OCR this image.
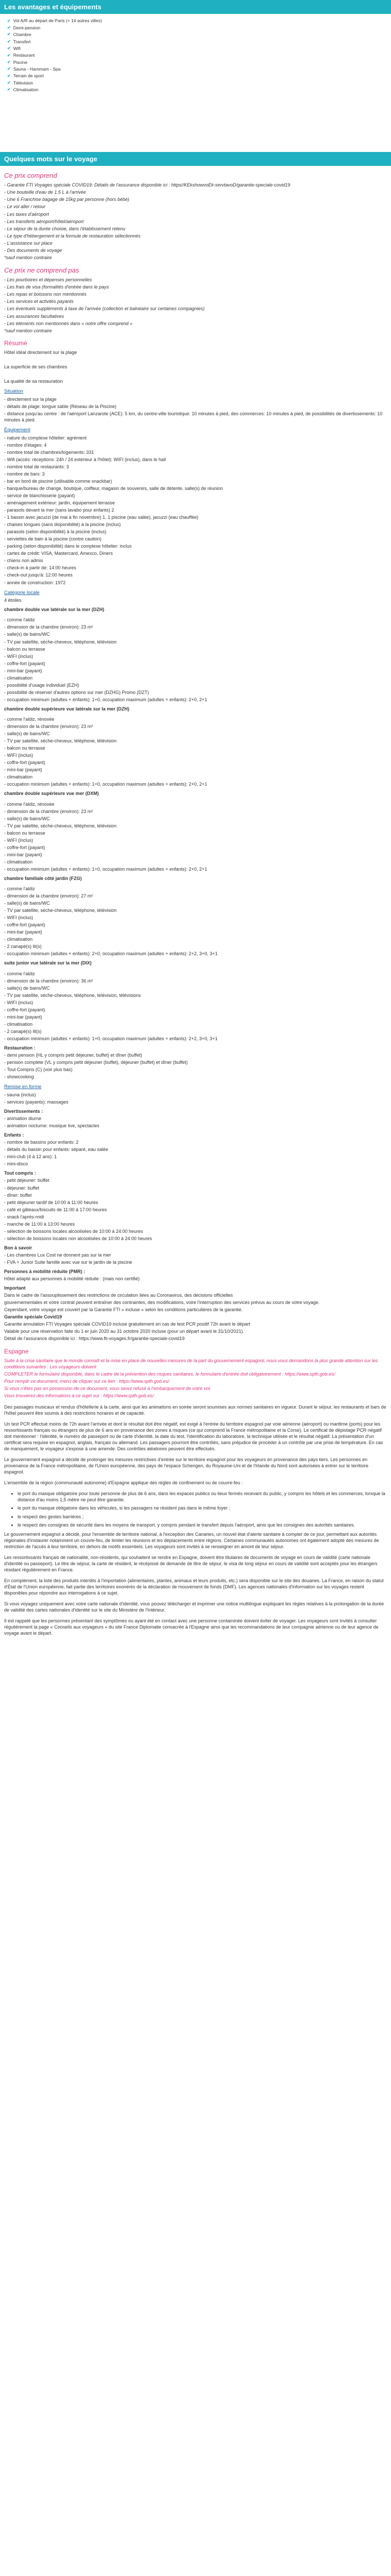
Les avantages et équipements
✔ Vol A/R au départ de Paris (+ 14 autres villes)
✔ Demi-pension
✔ Chambre
✔ Transfert
✔ Wifi
✔ Restaurant
✔ Piscine
✔ Sauna - Hammam - Spa
✔ Terrain de sport
✔ Télévision
✔ Climatisation
Quelques mots sur le voyage
Ce prix comprend
- Garantie FTI Voyages spéciale COVID19: Détails de l'assurance disponible ici : https//KEkshowvoEk-servtavoD/garantie-speciale-covid19
- Une bouteille d'eau de 1.5 L à l'arrivée
- Une 6 Franchise bagage de 15kg par personne (hors bébé)
- Le vol aller / retour
- Les taxes d'aéroport
- Les transferts aéroport/hôtel/aéroport
- Le séjour de la durée choisie, dans l'établissement retenu
- Le type d'hébergement et la formule de restauration sélectionnés
- L'assistance sur place
- Des documents de voyage
*sauf mention contraire
Ce prix ne comprend pas
- Les pourboires et dépenses personnelles
- Les frais de visa (formalités d'entrée dans le pays
- Les repas et boissons non mentionnés
- Les services et activités payants
- Les éventuels suppléments à taxe de l'arrivée (collection et balnéaire sur certaines compagnies)
- Les assurances facultatives
- Les éléments non mentionnés dans « notre offre comprend »
*sauf mention contraire
Résumé
Hôtel idéal directement sur la plage

La superficie de ses chambres

La qualité de sa restauration
Situation
- directement sur la plage
- détails de plage: longue sable (Réseau de la Piscine)
- distance jusqu'au centre : de l'aéroport Lanzarote (ACE): 5 km, du centre-ville touristique: 10 minutes à pied, des commerces: 10 minutes à pied, de possibilités de divertissements: 10 minutes à pied.
Équipement
- nature du complexe hôtelier: agrément
- nombre d'étages: 4
- nombre total de chambres/logements: 331
- Wifi (accès: réceptions: 24h / 24 extérieur à l'hôtel): WIFI (inclus), dans le hall
- nombre total de restaurants: 3
- nombre de bars: 3
- bar en bord de piscine (utilisable comme snackbar)
- banque/bureau de change, boutique, coiffeur, magasin de souvenirs, salle de détente, salle(s) de réunion
- service de blanchisserie (payant)
- aménagement extérieur: jardin, équipement terrasse
- parasols devant la mer (sans lavabo pour enfants) 2
- 1 bassin avec jacuzzi (de mai à fin novembre) 1, 1 piscine (eau salée), jacuzzi (eau chauffée)
- chaises longues (sans disponibilité) à la piscine (inclus)
- parasols (selon disponibilité) à la piscine (inclus)
- serviettes de bain à la piscine (contre caution)
- parking (selon disponibilité) dans le complexe hôtelier: inclus
- cartes de crédit: VISA, Mastercard, Amexco, Diners
- chiens non admis
- check-in à partir de: 14:00 heures
- check-out jusqu'à: 12:00 heures
- année de construction: 1972
Catégorie locale

4 étoiles

chambre double vue latérale sur la mer (DZH)
- comme l'aldiz
- dimension de la chambre (environ): 23 m²
- salle(s) de bains/WC
- TV par satellite, sèche-cheveux, téléphone, télévision
- balcon ou terrasse
- WIFI (inclus)
- coffre-fort (payant)
- mini-bar (payant)
- climatisation
- possibilité d'usage individuel (EZH)
- possibilité de réserver d'autres options sur mer (DZHG) Promo (DZT)
- occupation minimum (adultes + enfants): 1+0, occupation maximum (adultes + enfants): 2+0, 2+1
chambre double supérieure vue latérale sur la mer (DZH)
- comme l'aldiz, rénovée
- dimension de la chambre (environ): 23 m²
- salle(s) de bains/WC
- TV par satellite, sèche-cheveux, téléphone, télévision
- balcon ou terrasse
- WIFI (inclus)
- coffre-fort (payant)
- mini-bar (payant)
- climatisation
- occupation minimum (adultes + enfants): 1+0, occupation maximum (adultes + enfants): 2+0, 2+1
chambre double supérieure vue mer (DXM)
- comme l'aldiz, rénovée
- dimension de la chambre (environ): 23 m²
- salle(s) de bains/WC
- TV par satellite, sèche-cheveux, téléphone, télévision
- balcon ou terrasse
- WIFI (inclus)
- coffre-fort (payant)
- mini-bar (payant)
- climatisation
- occupation minimum (adultes + enfants): 1+0, occupation maximum (adultes + enfants): 2+0, 2+1
chambre familiale côté jardin (FZG)
- comme l'aldiz
- dimension de la chambre (environ): 27 m²
- salle(s) de bains/WC
- TV par satellite, sèche-cheveux, téléphone, télévision
- WIFI (inclus)
- coffre-fort (payant)
- mini-bar (payant)
- climatisation
- 2 canapé(s) lit(s)
- occupation minimum (adultes + enfants): 2+0, occupation maximum (adultes + enfants): 2+2, 3+0, 3+1
suite junior vue latérale sur la mer (DIX)
- comme l'aldiz
- dimension de la chambre (environ): 36 m²
- salle(s) de bains/WC
- TV par satellite, sèche-cheveux, téléphone, télévision, télévisions
- WIFI (inclus)
- coffre-fort (payant)
- mini-bar (payant)
- climatisation
- 2 canapé(s) lit(s)
- occupation minimum (adultes + enfants): 1+0, occupation maximum (adultes + enfants): 2+2, 3+0, 3+1
Restauration :
- demi pension (HL y compris petit déjeuner, buffet) et dîner (buffet)
- pension complète (VL y compris petit déjeuner (buffet), déjeuner (buffet) et dîner (buffet)
- Tout Compris (C) (voir plus bas)
- showcooking
Remise en forme
- sauna (inclus)
- services (payants): massages
Divertissements :
- animation diurne
- animation nocturne: musique live, spectacles
Enfants :
- nombre de bassins pour enfants: 2
- détails du bassin pour enfants: séparé, eau salée
- mini-club (4 à 12 ans): 1
- mini-disco
Tout compris :
- petit déjeuner: buffet
- déjeuner: buffet
- dîner: buffet
- petit déjeuner tardif de 10:00 à 11:00 heures
- café et gâteaux/biscuits de 11:00 à 17:00 heures
- snack l'après-midi
- manche de 11:00 à 13:00 heures
- sélection de boissons locales alcoolisées de 10:00 à 24:00 heures
- sélection de boissons locales non alcoolisées de 10:00 à 24:00 heures
Bon à savoir
- Les chambres Lux Cost ne donnent pas sur la mer
- FVA + Junior Suite famille avec vue sur le jardin de la piscine
Personnes à mobilité réduite (PMR) :

Hôtel adapté aux personnes à mobilité réduite : (mais non certifié)

Important
Dans le cadre de l'assouplissement des restrictions de circulation liées au Coronavirus, des décisions officielles
gouvernementales et votre contrat peuvent entraîner des contraintes, des modifications, voire l'interruption des services prévus au cours de votre voyage.
Cependant, votre voyage est couvert par la Garantie FTI « incluse » selon les conditions particulières de la garantie.
Garantie spéciale Covid19
Garantie annulation FTI Voyages spéciale COVID19 incluse gratuitement en cas de test PCR positif 72h avant le départ
Valable pour une réservation faite du 1 er juin 2020 au 31 octobre 2020 incluse (pour un départ avant le 31/10/2021).
Détail de l'assurance disponible ici : https://www.fti-voyages.fr/garantie-speciale-covid19
Espagne
Suite à la crise sanitaire que le monde connaît et la mise en place de nouvelles mesures de la part du gouvernement espagnol, nous vous demandons la plus grande attention sur les conditions suivantes : Les voyageurs doivent
COMPLETER le formulaire disponible, dans le cadre de la prévention des risques sanitaires, le formulaire d'entrée doit obligatoirement : https://www.spth.gob.es/
Pour remplir ce document, merci de cliquer sur ce lien : https://www.spth.gob.es/
Si vous n'êtes pas en possession de ce document, vous serez refusé à l'embarquement de votre vol.
Vous trouverez des informations à ce sujet sur : https://www.spth.gob.es/
Des passages musicaux et rendus d'hôtellerie à la carte, ainsi que les animations en soirée seront soumises aux normes sanitaires en vigueur. Durant le séjour, les restaurants et bars de l'hôtel peuvent être soumis à des restrictions horaires et de capacité.
Un test PCR effectué moins de 72h avant l'arrivée et dont le résultat doit être négatif, est exigé à l'entrée du territoire espagnol par voie aérienne (aéroport) ou maritime (ports) pour les ressortissants français ou étrangers de plus de 6 ans en provenance des zones à risques (ce qui comprend la France métropolitaine et la Corse). Le certificat de dépistage PCR négatif doit mentionner : l'identité, le numéro de passeport ou de carte d'identité, la date du test, l'identification du laboratoire, la technique utilisée et le résultat négatif. La présentation d'un certificat sera requise en espagnol, anglais, français ou allemand. Les passagers pourront être contrôlés, sans préjudice de procéder à un contrôle par une prise de température. En cas de manquement, le voyageur s'expose à une amende. Des contrôles aléatoires peuvent être effectués.
Le gouvernement espagnol a décidé de prolonger les mesures restrictives d'entrée sur le territoire espagnol pour les voyageurs en provenance des pays tiers. Les personnes en provenance de la France métropolitaine, de l'Union européenne, des pays de l'espace Schengen, du Royaume-Uni et de l'Irlande du Nord sont autorisées à entrer sur le territoire espagnol.
L'ensemble de la région (communauté autonome) d'Espagne applique des règles de confinement ou de couvre-feu :
• le port du masque obligatoire pour toute personne de plus de 6 ans, dans les espaces publics ou lieux fermés recevant du public, y compris les hôtels et les commerces, lorsque la distance d'au moins 1,5 mètre ne peut être garantie.
• le port du masque obligatoire dans les véhicules, si les passagers ne résident pas dans le même foyer ;
• le respect des gestes barrières ;
• le respect des consignes de sécurité dans les moyens de transport, y compris pendant le transfert depuis l'aéroport, ainsi que les consignes des autorités sanitaires.
Le gouvernement espagnol a décidé, pour l'ensemble de territoire national, à l'exception des Canaries, un nouvel état d'alerte sanitaire à compter de ce jour, permettant aux autorités régionales d'instaurer notamment un couvre-feu, de limiter les réunions et les déplacements entre régions. Certaines communautés autonomes ont également adopté des mesures de restriction de l'accès à leur territoire, en dehors de motifs essentiels. Les voyageurs sont invités à se renseigner en amont de leur séjour.
Les ressortissants français de nationalité, non-résidents, qui souhaitent se rendre en Espagne, doivent être titulaires de documents de voyage en cours de validité (carte nationale d'identité ou passeport). Le titre de séjour, la carte de résident, le récépissé de demande de titre de séjour, le visa de long séjour en cours de validité sont acceptés pour les étrangers résidant régulièrement en France.
En complément, la liste des produits interdits à l'importation (alimentaires, plantes, animaux et leurs produits, etc.) sera disponible sur le site des douanes. La France, en raison du statut d'État de l'Union européenne, fait partie des territoires exonérés de la déclaration de mouvement de fonds (DMF). Les agences nationales d'information sur les voyages restent disponibles pour répondre aux interrogations à ce sujet.
Si vous voyagez uniquement avec votre carte nationale d'identité, vous pouvez télécharger et imprimer une notice multilingue expliquant les règles relatives à la prolongation de la durée de validité des cartes nationales d'identité sur le site du Ministère de l'Intérieur.
Il est rappelé que les personnes présentant des symptômes ou ayant été en contact avec une personne contaminée doivent éviter de voyager. Les voyageurs sont invités à consulter régulièrement la page « Conseils aux voyageurs » du site France Diplomatie consacrée à l'Espagne ainsi que les recommandations de leur compagnie aérienne ou de leur agence de voyage avant le départ.
